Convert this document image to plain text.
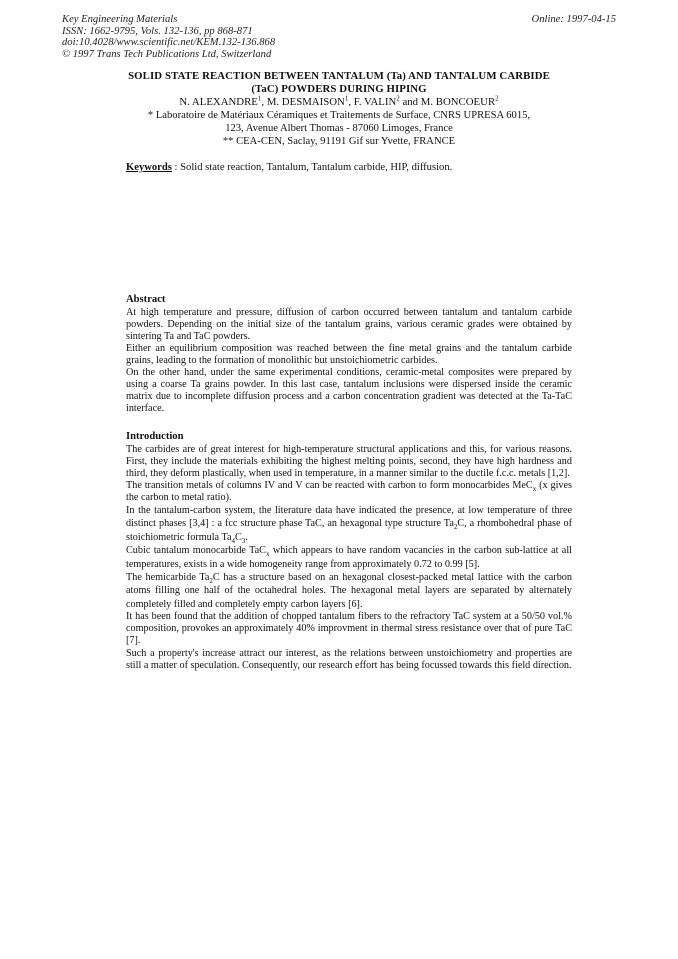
Key Engineering Materials
ISSN: 1662-9795, Vols. 132-136, pp 868-871
doi:10.4028/www.scientific.net/KEM.132-136.868
© 1997 Trans Tech Publications Ltd, Switzerland
Online: 1997-04-15
SOLID STATE REACTION BETWEEN TANTALUM (Ta) AND TANTALUM CARBIDE
(TaC) POWDERS DURING HIPING
N. ALEXANDRE$^1$, M. DESMAISON$^1$, F. VALIN$^2$ and M. BONCOEUR$^2$
* Laboratoire de Matériaux Céramiques et Traitements de Surface, CNRS UPRESA 6015,
123, Avenue Albert Thomas - 87060 Limoges, France
** CEA-CEN, Saclay, 91191 Gif sur Yvette, FRANCE
Keywords : Solid state reaction, Tantalum, Tantalum carbide, HIP, diffusion.
Abstract

At high temperature and pressure, diffusion of carbon occurred between tantalum and tantalum carbide powders. Depending on the initial size of the tantalum grains, various ceramic grades were obtained by sintering Ta and TaC powders.

Either an equilibrium composition was reached between the fine metal grains and the tantalum carbide grains, leading to the formation of monolithic but unstoichiometric carbides.

On the other hand, under the same experimental conditions, ceramic-metal composites were prepared by using a coarse Ta grains powder. In this last case, tantalum inclusions were dispersed inside the ceramic matrix due to incomplete diffusion process and a carbon concentration gradient was detected at the Ta-TaC interface.

Introduction

The carbides are of great interest for high-temperature structural applications and this, for various reasons. First, they include the materials exhibiting the highest melting points, second, they have high hardness and third, they deform plastically, when used in temperature, in a manner similar to the ductile f.c.c. metals [1,2].

The transition metals of columns IV and V can be reacted with carbon to form monocarbides MeC$_x$ (x gives the carbon to metal ratio).

In the tantalum-carbon system, the literature data have indicated the presence, at low temperature of three distinct phases [3,4] : a fcc structure phase TaC, an hexagonal type structure $Ta_2C$, a rhombohedral phase of stoichiometric formula $Ta_4C_3$.

Cubic tantalum monocarbide TaC$_x$ which appears to have random vacancies in the carbon sub-lattice at all temperatures, exists in a wide homogeneity range from approximately 0.72 to 0.99 [5].

The hemicarbide $Ta_2C$ has a structure based on an hexagonal closest-packed metal lattice with the carbon atoms filling one half of the octahedral holes. The hexagonal metal layers are separated by alternately completely filled and completely empty carbon layers [6].

It has been found that the addition of chopped tantalum fibers to the refractory TaC system at a 50/50 vol.% composition, provokes an approximately 40% improvment in thermal stress resistance over that of pure TaC [7].

Such a property's increase attract our interest, as the relations between unstoichiometry and properties are still a matter of speculation. Consequently, our research effort has being focussed towards this field direction.
